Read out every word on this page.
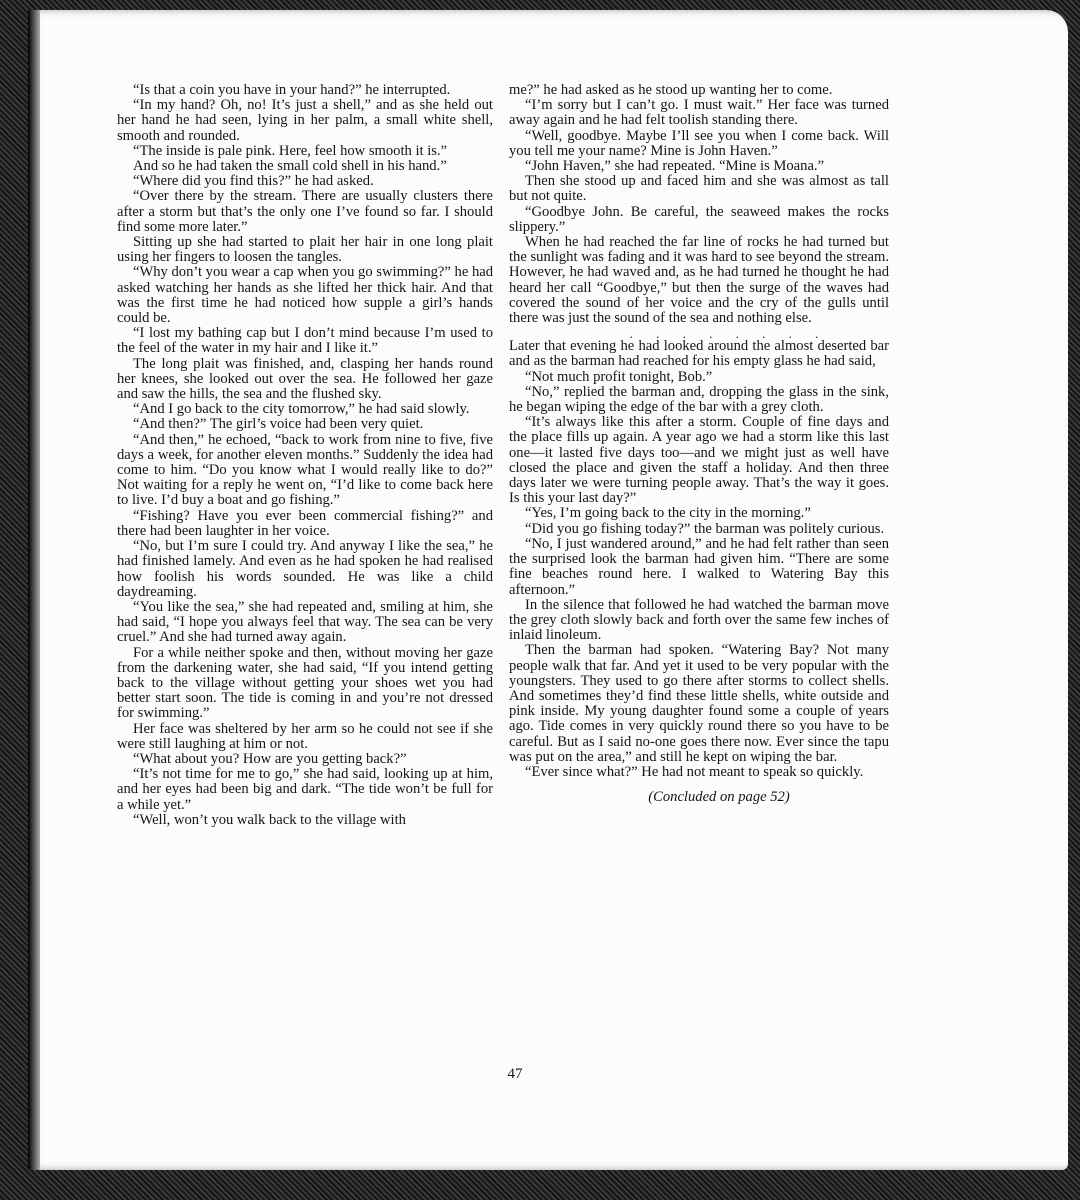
“Is that a coin you have in your hand?” he interrupted.

“In my hand? Oh, no! It’s just a shell,” and as she held out her hand he had seen, lying in her palm, a small white shell, smooth and rounded.

“The inside is pale pink. Here, feel how smooth it is.”

And so he had taken the small cold shell in his hand.”

“Where did you find this?” he had asked.

“Over there by the stream. There are usually clusters there after a storm but that’s the only one I’ve found so far. I should find some more later.”

Sitting up she had started to plait her hair in one long plait using her fingers to loosen the tangles.

“Why don’t you wear a cap when you go swimming?” he had asked watching her hands as she lifted her thick hair. And that was the first time he had noticed how supple a girl’s hands could be.

“I lost my bathing cap but I don’t mind because I’m used to the feel of the water in my hair and I like it.”

The long plait was finished, and, clasping her hands round her knees, she looked out over the sea. He followed her gaze and saw the hills, the sea and the flushed sky.

“And I go back to the city tomorrow,” he had said slowly.

“And then?” The girl’s voice had been very quiet.

“And then,” he echoed, “back to work from nine to five, five days a week, for another eleven months.” Suddenly the idea had come to him. “Do you know what I would really like to do?” Not waiting for a reply he went on, “I’d like to come back here to live. I’d buy a boat and go fishing.”

“Fishing? Have you ever been commercial fishing?” and there had been laughter in her voice.

“No, but I’m sure I could try. And anyway I like the sea,” he had finished lamely. And even as he had spoken he had realised how foolish his words sounded. He was like a child daydreaming.

“You like the sea,” she had repeated and, smiling at him, she had said, “I hope you always feel that way. The sea can be very cruel.” And she had turned away again.

For a while neither spoke and then, without moving her gaze from the darkening water, she had said, “If you intend getting back to the village without getting your shoes wet you had better start soon. The tide is coming in and you’re not dressed for swimming.”

Her face was sheltered by her arm so he could not see if she were still laughing at him or not.

“What about you? How are you getting back?”

“It’s not time for me to go,” she had said, looking up at him, and her eyes had been big and dark. “The tide won’t be full for a while yet.”

“Well, won’t you walk back to the village with

me?” he had asked as he stood up wanting her to come.

“I’m sorry but I can’t go. I must wait.” Her face was turned away again and he had felt toolish standing there.

“Well, goodbye. Maybe I’ll see you when I come back. Will you tell me your name? Mine is John Haven.”

“John Haven,” she had repeated. “Mine is Moana.”

Then she stood up and faced him and she was almost as tall but not quite.

“Goodbye John. Be careful, the seaweed makes the rocks slippery.”

When he had reached the far line of rocks he had turned but the sunlight was fading and it was hard to see beyond the stream. However, he had waved and, as he had turned he thought he had heard her call “Goodbye,” but then the surge of the waves had covered the sound of her voice and the cry of the gulls until there was just the sound of the sea and nothing else.

. . . . . . . .

Later that evening he had looked around the almost deserted bar and as the barman had reached for his empty glass he had said,

“Not much profit tonight, Bob.”

“No,” replied the barman and, dropping the glass in the sink, he began wiping the edge of the bar with a grey cloth.

“It’s always like this after a storm. Couple of fine days and the place fills up again. A year ago we had a storm like this last one—it lasted five days too—and we might just as well have closed the place and given the staff a holiday. And then three days later we were turning people away. That’s the way it goes. Is this your last day?”

“Yes, I’m going back to the city in the morning.”

“Did you go fishing today?” the barman was politely curious.

“No, I just wandered around,” and he had felt rather than seen the surprised look the barman had given him. “There are some fine beaches round here. I walked to Watering Bay this afternoon.”

In the silence that followed he had watched the barman move the grey cloth slowly back and forth over the same few inches of inlaid linoleum.

Then the barman had spoken. “Watering Bay? Not many people walk that far. And yet it used to be very popular with the youngsters. They used to go there after storms to collect shells. And sometimes they’d find these little shells, white outside and pink inside. My young daughter found some a couple of years ago. Tide comes in very quickly round there so you have to be careful. But as I said no-one goes there now. Ever since the tapu was put on the area,” and still he kept on wiping the bar.

“Ever since what?” He had not meant to speak so quickly.

(Concluded on page 52)
47
